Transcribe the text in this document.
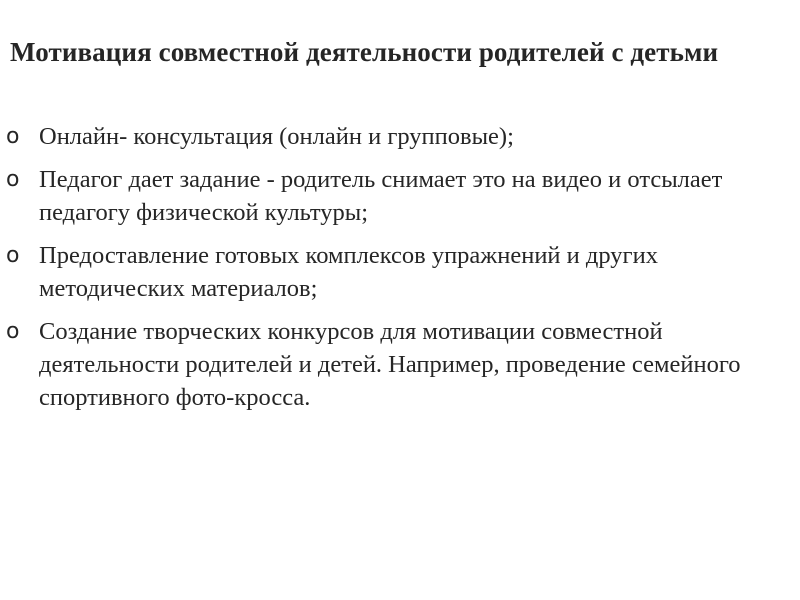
Мотивация совместной деятельности родителей с детьми
o Онлайн- консультация (онлайн и групповые);
o Педагог дает задание - родитель снимает это на видео и отсылает педагогу физической культуры;
o Предоставление готовых комплексов упражнений и других методических материалов;
o Создание творческих конкурсов для мотивации совместной деятельности родителей и детей. Например, проведение семейного спортивного фото-кросса.
